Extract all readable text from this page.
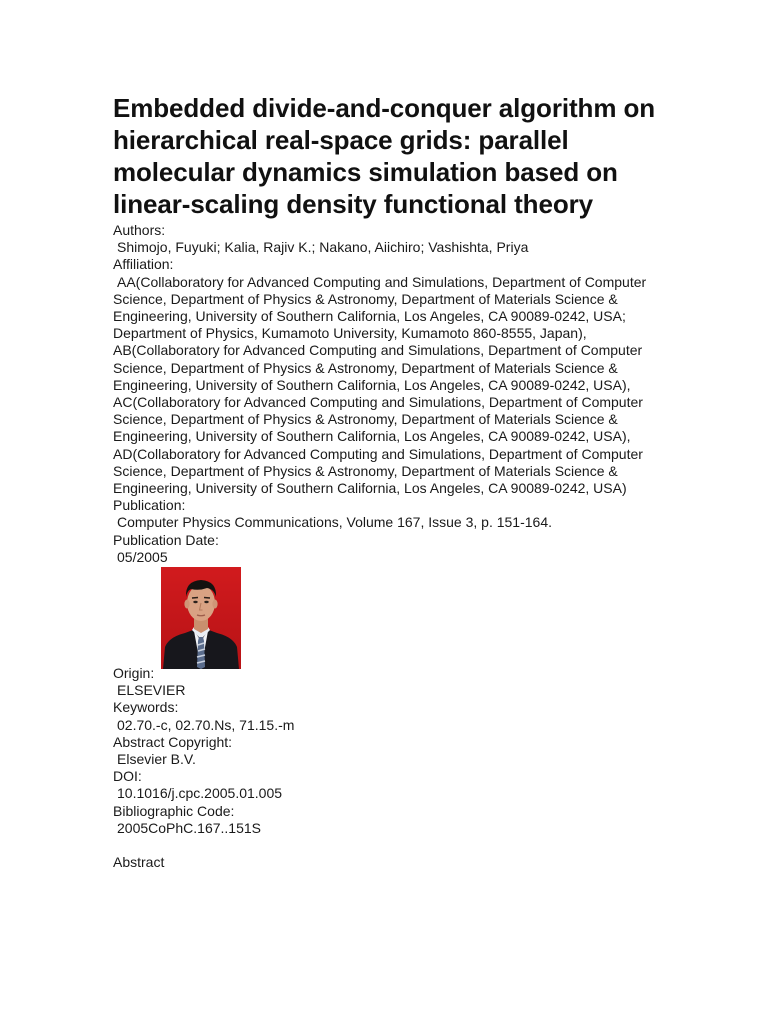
Embedded divide-and-conquer algorithm on hierarchical real-space grids: parallel molecular dynamics simulation based on linear-scaling density functional theory
Authors:
Shimojo, Fuyuki; Kalia, Rajiv K.; Nakano, Aiichiro; Vashishta, Priya
Affiliation:
AA(Collaboratory for Advanced Computing and Simulations, Department of Computer Science, Department of Physics & Astronomy, Department of Materials Science & Engineering, University of Southern California, Los Angeles, CA 90089-0242, USA; Department of Physics, Kumamoto University, Kumamoto 860-8555, Japan), AB(Collaboratory for Advanced Computing and Simulations, Department of Computer Science, Department of Physics & Astronomy, Department of Materials Science & Engineering, University of Southern California, Los Angeles, CA 90089-0242, USA), AC(Collaboratory for Advanced Computing and Simulations, Department of Computer Science, Department of Physics & Astronomy, Department of Materials Science & Engineering, University of Southern California, Los Angeles, CA 90089-0242, USA), AD(Collaboratory for Advanced Computing and Simulations, Department of Computer Science, Department of Physics & Astronomy, Department of Materials Science & Engineering, University of Southern California, Los Angeles, CA 90089-0242, USA)
Publication:
Computer Physics Communications, Volume 167, Issue 3, p. 151-164.
Publication Date:
05/2005
Origin:
ELSEVIER
Keywords:
02.70.-c, 02.70.Ns, 71.15.-m
Abstract Copyright:
Elsevier B.V.
DOI:
10.1016/j.cpc.2005.01.005
Bibliographic Code:
2005CoPhC.167..151S
Abstract
